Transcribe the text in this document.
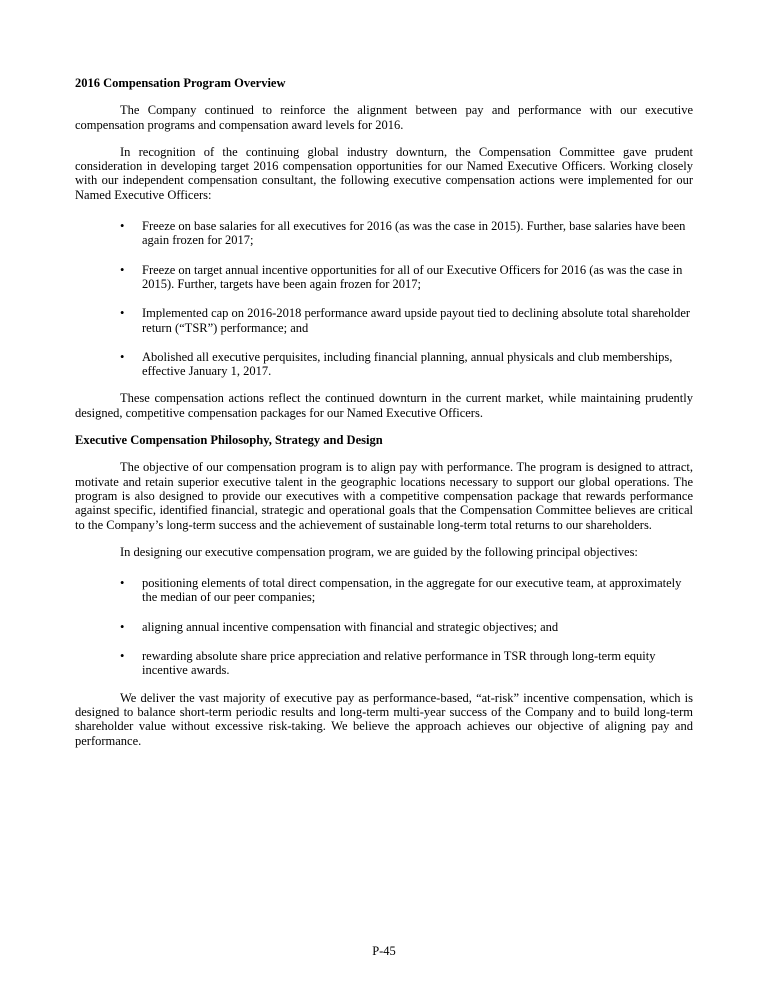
2016 Compensation Program Overview

The Company continued to reinforce the alignment between pay and performance with our executive compensation programs and compensation award levels for 2016.

In recognition of the continuing global industry downturn, the Compensation Committee gave prudent consideration in developing target 2016 compensation opportunities for our Named Executive Officers. Working closely with our independent compensation consultant, the following executive compensation actions were implemented for our Named Executive Officers:

•	Freeze on base salaries for all executives for 2016 (as was the case in 2015). Further, base salaries have been again frozen for 2017;
•	Freeze on target annual incentive opportunities for all of our Executive Officers for 2016 (as was the case in 2015). Further, targets have been again frozen for 2017;
•	Implemented cap on 2016-2018 performance award upside payout tied to declining absolute total shareholder return (“TSR”) performance; and
•	Abolished all executive perquisites, including financial planning, annual physicals and club memberships, effective January 1, 2017.

These compensation actions reflect the continued downturn in the current market, while maintaining prudently designed, competitive compensation packages for our Named Executive Officers.

Executive Compensation Philosophy, Strategy and Design

The objective of our compensation program is to align pay with performance. The program is designed to attract, motivate and retain superior executive talent in the geographic locations necessary to support our global operations. The program is also designed to provide our executives with a competitive compensation package that rewards performance against specific, identified financial, strategic and operational goals that the Compensation Committee believes are critical to the Company’s long-term success and the achievement of sustainable long-term total returns to our shareholders.

In designing our executive compensation program, we are guided by the following principal objectives:

•	positioning elements of total direct compensation, in the aggregate for our executive team, at approximately the median of our peer companies;
•	aligning annual incentive compensation with financial and strategic objectives; and
•	rewarding absolute share price appreciation and relative performance in TSR through long-term equity incentive awards.

We deliver the vast majority of executive pay as performance-based, “at-risk” incentive compensation, which is designed to balance short-term periodic results and long-term multi-year success of the Company and to build long-term shareholder value without excessive risk-taking. We believe the approach achieves our objective of aligning pay and performance.

P-45
